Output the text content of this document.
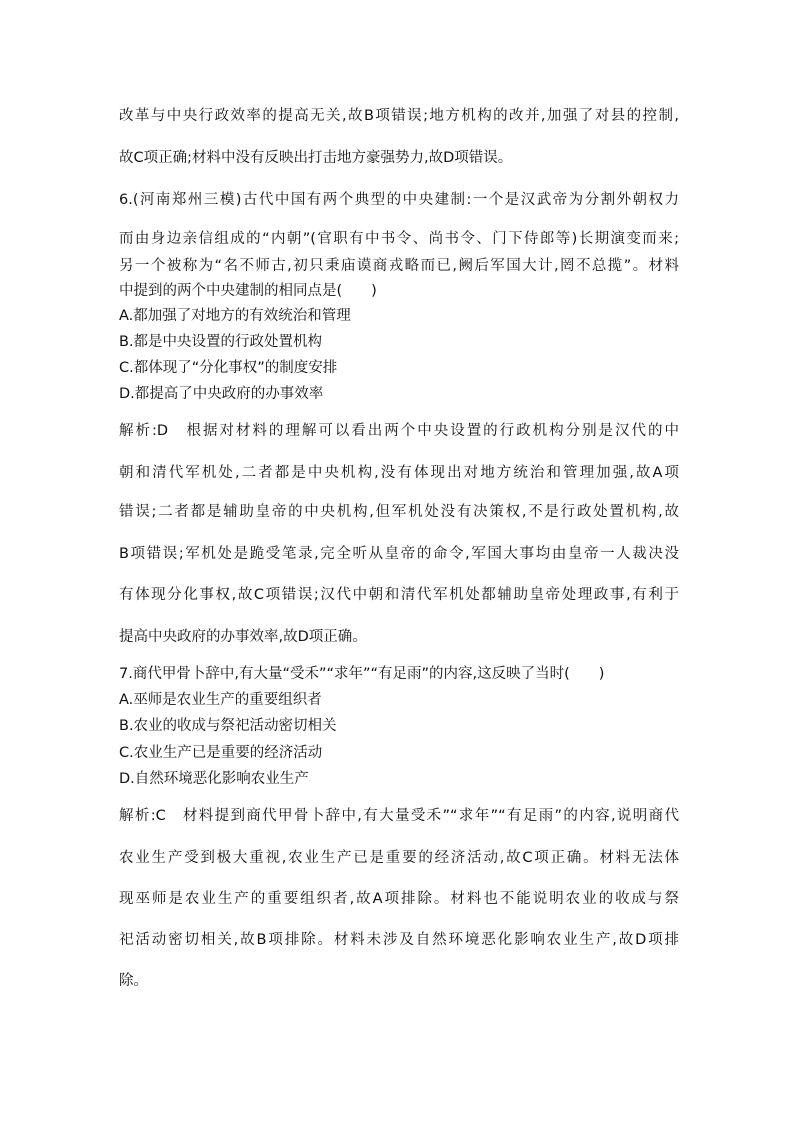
改革与中央行政效率的提高无关,故B项错误;地方机构的改并,加强了对县的控制,
故C项正确;材料中没有反映出打击地方豪强势力,故D项错误。
6.(河南郑州三模)古代中国有两个典型的中央建制:一个是汉武帝为分割外朝权力
而由身边亲信组成的“内朝”(官职有中书令、尚书令、门下侍郎等)长期演变而来;
另一个被称为“名不师古,初只秉庙谟商戎略而已,阙后军国大计,罔不总揽”。材料
中提到的两个中央建制的相同点是(　　)
A.都加强了对地方的有效统治和管理
B.都是中央设置的行政处置机构
C.都体现了“分化事权”的制度安排
D.都提高了中央政府的办事效率
解析:D　根据对材料的理解可以看出两个中央设置的行政机构分别是汉代的中
朝和清代军机处,二者都是中央机构,没有体现出对地方统治和管理加强,故A项
错误;二者都是辅助皇帝的中央机构,但军机处没有决策权,不是行政处置机构,故
B项错误;军机处是跪受笔录,完全听从皇帝的命令,军国大事均由皇帝一人裁决没
有体现分化事权,故C项错误;汉代中朝和清代军机处都辅助皇帝处理政事,有利于
提高中央政府的办事效率,故D项正确。
7.商代甲骨卜辞中,有大量“受禾”“求年”“有足雨”的内容,这反映了当时(　　)
A.巫师是农业生产的重要组织者
B.农业的收成与祭祀活动密切相关
C.农业生产已是重要的经济活动
D.自然环境恶化影响农业生产
解析:C　材料提到商代甲骨卜辞中,有大量受禾”“求年”“有足雨”的内容,说明商代
农业生产受到极大重视,农业生产已是重要的经济活动,故C项正确。材料无法体
现巫师是农业生产的重要组织者,故A项排除。材料也不能说明农业的收成与祭
祀活动密切相关,故B项排除。材料未涉及自然环境恶化影响农业生产,故D项排
除。
